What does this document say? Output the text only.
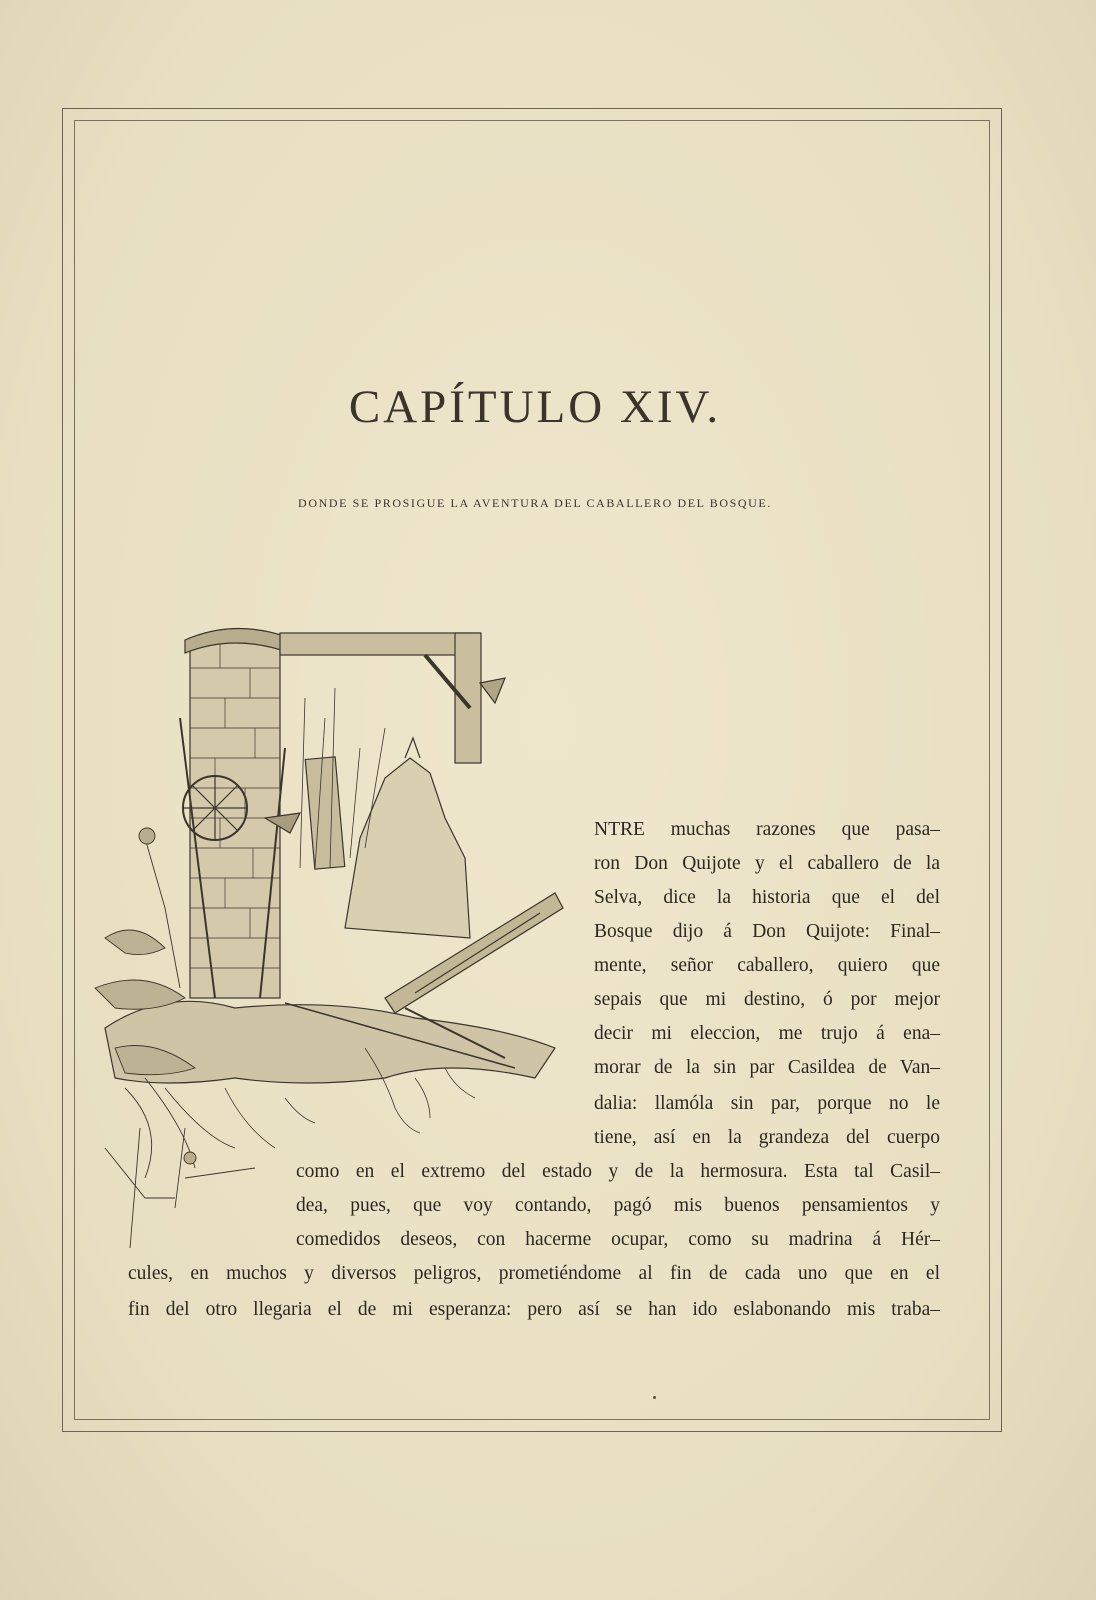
CAPÍTULO XIV.

DONDE SE PROSIGUE LA AVENTURA DEL CABALLERO DEL BOSQUE.

NTRE muchas razones que pasa–
ron Don Quijote y el caballero de la
Selva, dice la historia que el del
Bosque dijo á Don Quijote: Final–
mente, señor caballero, quiero que
sepais que mi destino, ó por mejor
decir mi eleccion, me trujo á ena–
morar de la sin par Casildea de Van–
dalia: llamóla sin par, porque no le
tiene, así en la grandeza del cuerpo
como en el extremo del estado y de la hermosura. Esta tal Casil–
dea, pues, que voy contando, pagó mis buenos pensamientos y
comedidos deseos, con hacerme ocupar, como su madrina á Hér–
cules, en muchos y diversos peligros, prometiéndome al fin de cada uno que en el
fin del otro llegaria el de mi esperanza: pero así se han ido eslabonando mis traba–
